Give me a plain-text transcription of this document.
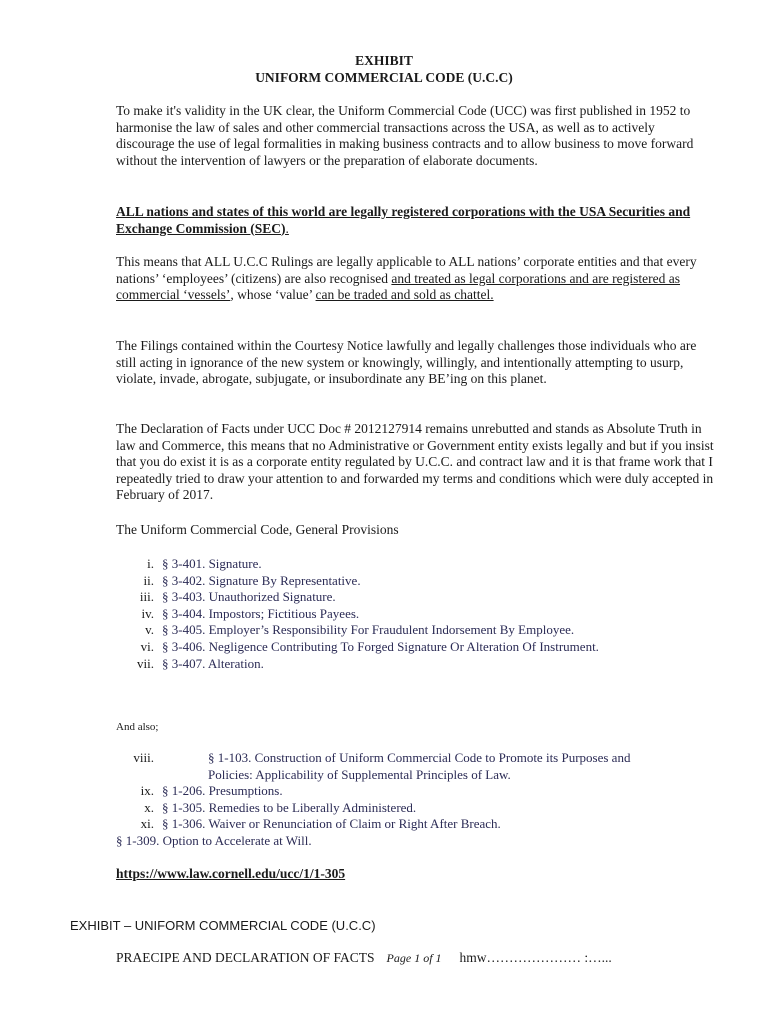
EXHIBIT
UNIFORM COMMERCIAL CODE (U.C.C)
To make it's validity in the UK clear, the Uniform Commercial Code (UCC) was first published in 1952 to harmonise the law of sales and other commercial transactions across the USA, as well as to actively discourage the use of legal formalities in making business contracts and to allow business to move forward without the intervention of lawyers or the preparation of elaborate documents.
ALL nations and states of this world are legally registered corporations with the USA Securities and Exchange Commission (SEC).
This means that ALL U.C.C Rulings are legally applicable to ALL nations’ corporate entities and that every nations’ ‘employees’ (citizens) are also recognised and treated as legal corporations and are registered as commercial ‘vessels’, whose ‘value’ can be traded and sold as chattel.
The Filings contained within the Courtesy Notice lawfully and legally challenges those individuals who are still acting in ignorance of the new system or knowingly, willingly, and intentionally attempting to usurp, violate, invade, abrogate, subjugate, or insubordinate any BE’ing on this planet.
The Declaration of Facts under UCC Doc # 2012127914 remains unrebutted and stands as Absolute Truth in law and Commerce, this means that no Administrative or Government entity exists legally and but if you insist that you do exist it is as a corporate entity regulated by U.C.C. and contract law and it is that frame work that I repeatedly tried to draw your attention to and forwarded my terms and conditions which were duly accepted in February of 2017.
The Uniform Commercial Code, General Provisions
i. § 3-401. Signature.
ii. § 3-402. Signature By Representative.
iii. § 3-403. Unauthorized Signature.
iv. § 3-404. Impostors; Fictitious Payees.
v. § 3-405. Employer’s Responsibility For Fraudulent Indorsement By Employee.
vi. § 3-406. Negligence Contributing To Forged Signature Or Alteration Of Instrument.
vii. § 3-407. Alteration.
And also;
viii.	§ 1-103. Construction of Uniform Commercial Code to Promote its Purposes and Policies: Applicability of Supplemental Principles of Law.
ix. § 1-206. Presumptions.
x. § 1-305. Remedies to be Liberally Administered.
xi. § 1-306. Waiver or Renunciation of Claim or Right After Breach.
§ 1-309. Option to Accelerate at Will.
https://www.law.cornell.edu/ucc/1/1-305
EXHIBIT – UNIFORM COMMERCIAL CODE (U.C.C)
PRAECIPE AND DECLARATION OF FACTS Page 1 of 1 hmw………………… :…...
